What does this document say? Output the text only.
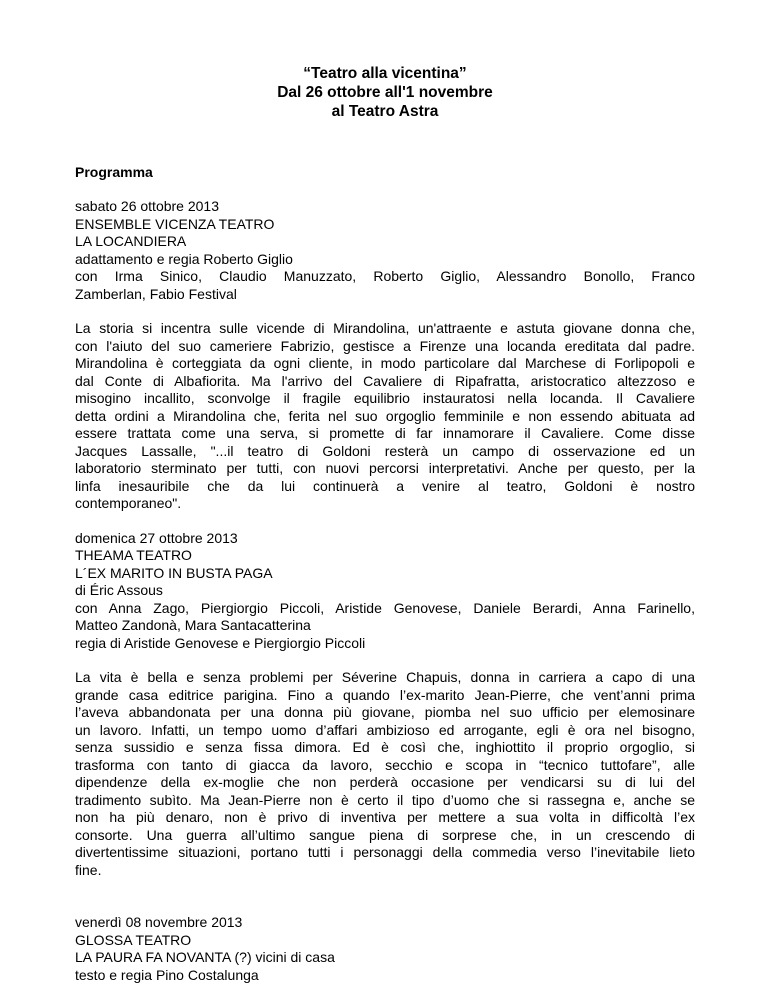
“Teatro alla vicentina”
Dal 26 ottobre all'1 novembre
al Teatro Astra
Programma
sabato 26 ottobre 2013
ENSEMBLE VICENZA TEATRO
LA LOCANDIERA
adattamento e regia Roberto Giglio
con Irma Sinico, Claudio Manuzzato, Roberto Giglio, Alessandro Bonollo, Franco
Zamberlan, Fabio Festival
La storia si incentra sulle vicende di Mirandolina, un'attraente e astuta giovane donna che,
con l'aiuto del suo cameriere Fabrizio, gestisce a Firenze una locanda ereditata dal padre.
Mirandolina è corteggiata da ogni cliente, in modo particolare dal Marchese di Forlipopoli e
dal Conte di Albafiorita. Ma l'arrivo del Cavaliere di Ripafratta, aristocratico altezzoso e
misogino incallito, sconvolge il fragile equilibrio instauratosi nella locanda. Il Cavaliere
detta ordini a Mirandolina che, ferita nel suo orgoglio femminile e non essendo abituata ad
essere trattata come una serva, si promette di far innamorare il Cavaliere. Come disse
Jacques Lassalle, "...il teatro di Goldoni resterà un campo di osservazione ed un
laboratorio sterminato per tutti, con nuovi percorsi interpretativi. Anche per questo, per la
linfa inesauribile che da lui continuerà a venire al teatro, Goldoni è nostro
contemporaneo".
domenica 27 ottobre 2013
THEAMA TEATRO
L´EX MARITO IN BUSTA PAGA
di Éric Assous
con Anna Zago, Piergiorgio Piccoli, Aristide Genovese, Daniele Berardi, Anna Farinello,
Matteo Zandonà, Mara Santacatterina
regia di Aristide Genovese e Piergiorgio Piccoli
La vita è bella e senza problemi per Séverine Chapuis, donna in carriera a capo di una
grande casa editrice parigina. Fino a quando l’ex-marito Jean-Pierre, che vent’anni prima
l’aveva abbandonata per una donna più giovane, piomba nel suo ufficio per elemosinare
un lavoro. Infatti, un tempo uomo d’affari ambizioso ed arrogante, egli è ora nel bisogno,
senza sussidio e senza fissa dimora. Ed è così che, inghiottito il proprio orgoglio, si
trasforma con tanto di giacca da lavoro, secchio e scopa in “tecnico tuttofare”, alle
dipendenze della ex-moglie che non perderà occasione per vendicarsi su di lui del
tradimento subìto. Ma Jean-Pierre non è certo il tipo d’uomo che si rassegna e, anche se
non ha più denaro, non è privo di inventiva per mettere a sua volta in difficoltà l’ex
consorte. Una guerra all’ultimo sangue piena di sorprese che, in un crescendo di
divertentissime situazioni, portano tutti i personaggi della commedia verso l’inevitabile lieto
fine.
venerdì 08 novembre 2013
GLOSSA TEATRO
LA PAURA FA NOVANTA (?) vicini di casa
testo e regia Pino Costalunga
